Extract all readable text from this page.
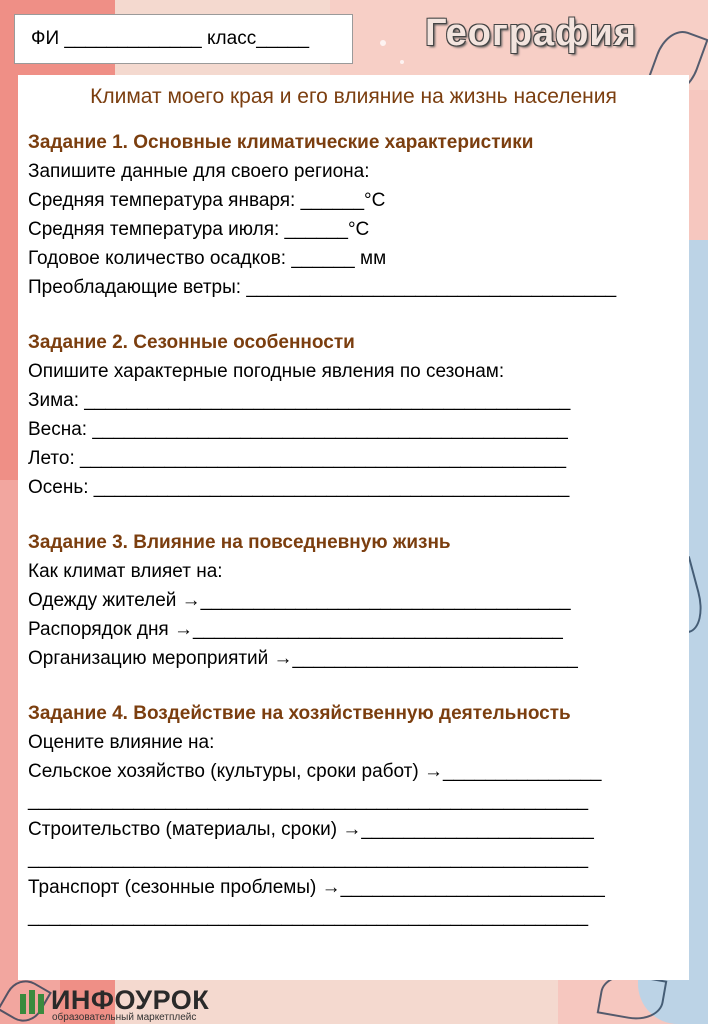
ФИ _____________ класс_____	География
Климат моего края и его влияние на жизнь населения
Задание 1. Основные климатические характеристики
Запишите данные для своего региона:
Средняя температура января: ______°С
Средняя температура июля: ______°С
Годовое количество осадков: ______ мм
Преобладающие ветры: ___________________________________
Задание 2. Сезонные особенности
Опишите характерные погодные явления по сезонам:
Зима: ______________________________________________
Весна: _____________________________________________
Лето: ______________________________________________
Осень: _____________________________________________
Задание 3. Влияние на повседневную жизнь
Как климат влияет на:
Одежду жителей →___________________________________
Распорядок дня →___________________________________
Организацию мероприятий →___________________________
Задание 4. Воздействие на хозяйственную деятельность
Оцените влияние на:
Сельское хозяйство (культуры, сроки работ) →_______________
_____________________________________________________
Строительство (материалы, сроки) →______________________
_____________________________________________________
Транспорт (сезонные проблемы) →_________________________
_____________________________________________________
ИНФОУРОК
образовательный маркетплейс
